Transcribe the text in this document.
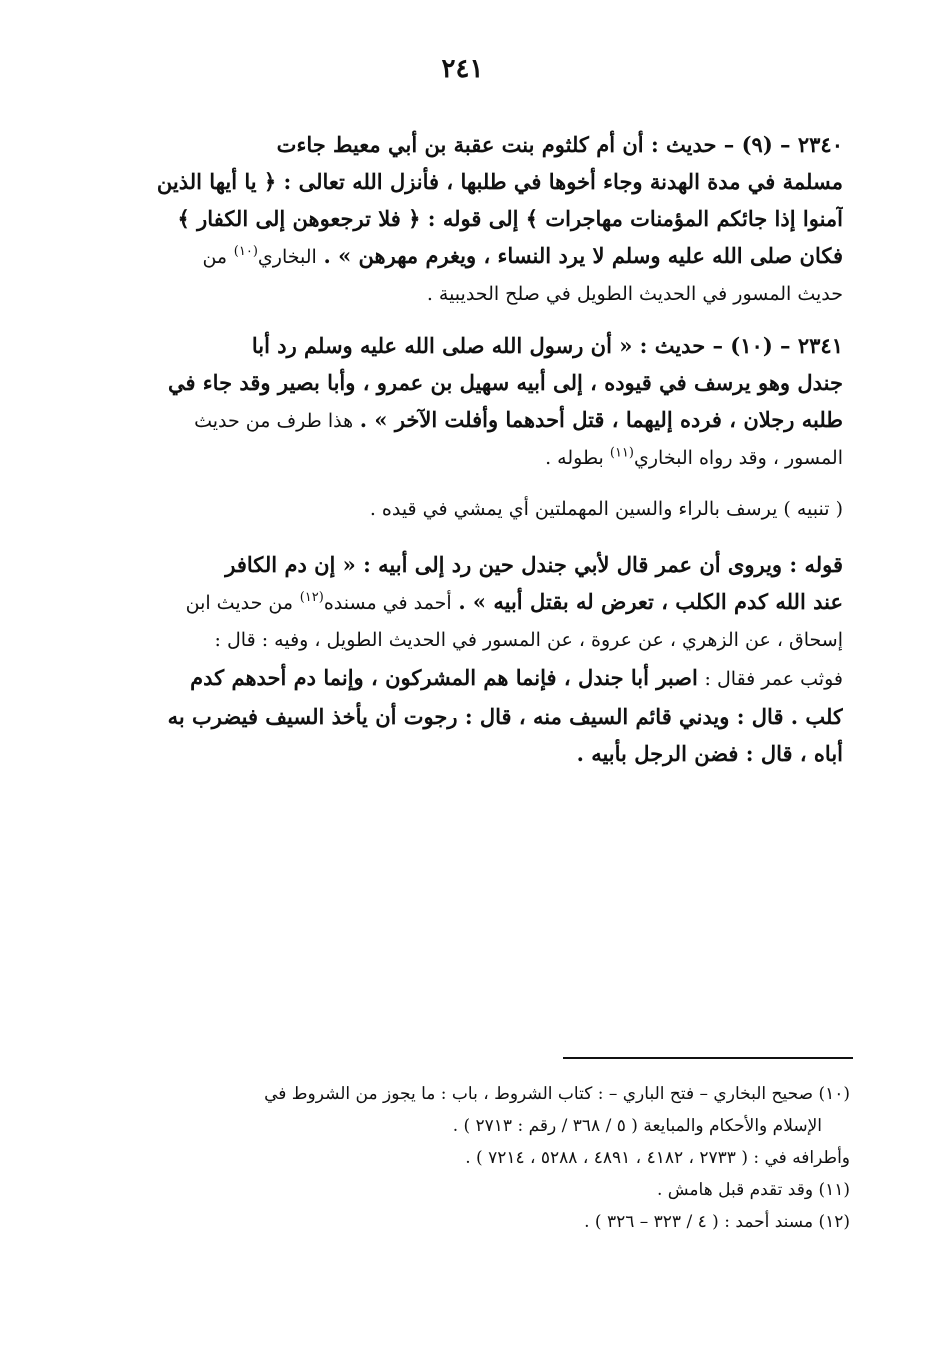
٢٤١
٢٣٤٠ – (٩) – حديث : أن أم كلثوم بنت عقبة بن أبي معيط جاءت
مسلمة في مدة الهدنة وجاء أخوها في طلبها ، فأنزل الله تعالى : ﴿ يا أيها الذين
آمنوا إذا جائكم المؤمنات مهاجرات ﴾ إلى قوله : ﴿ فلا ترجعوهن إلى الكفار ﴾
فكان صلى الله عليه وسلم لا يرد النساء ، ويغرم مهرهن » . البخاري$^{(١٠)}$ من
حديث المسور في الحديث الطويل في صلح الحديبية .
٢٣٤١ – (١٠) – حديث : « أن رسول الله صلى الله عليه وسلم رد أبا
جندل وهو يرسف في قيوده ، إلى أبيه سهيل بن عمرو ، وأبا بصير وقد جاء في
طلبه رجلان ، فرده إليهما ، قتل أحدهما وأفلت الآخر » . هذا طرف من حديث
المسور ، وقد رواه البخاري$^{(١١)}$ بطوله .
( تنبيه ) يرسف بالراء والسين المهملتين أي يمشي في قيده .
قوله : ويروى أن عمر قال لأبي جندل حين رد إلى أبيه : « إن دم الكافر
عند الله كدم الكلب ، تعرض له بقتل أبيه » . أحمد في مسنده$^{(١٢)}$ من حديث ابن
إسحاق ، عن الزهري ، عن عروة ، عن المسور في الحديث الطويل ، وفيه : قال :
فوثب عمر فقال : اصبر أبا جندل ، فإنما هم المشركون ، وإنما دم أحدهم كدم
كلب . قال : ويدني قائم السيف منه ، قال : رجوت أن يأخذ السيف فيضرب به
أباه ، قال : فضن الرجل بأبيه .
(١٠) صحيح البخاري – فتح الباري – : كتاب الشروط ، باب : ما يجوز من الشروط في
الإسلام والأحكام والمبايعة ( ٥ / ٣٦٨ / رقم : ٢٧١٣ ) .
وأطرافه في : ( ٢٧٣٣ ، ٤١٨٢ ، ٤٨٩١ ، ٥٢٨٨ ، ٧٢١٤ ) .
(١١) وقد تقدم قبل هامش .
(١٢) مسند أحمد : ( ٤ / ٣٢٣ – ٣٢٦ ) .
